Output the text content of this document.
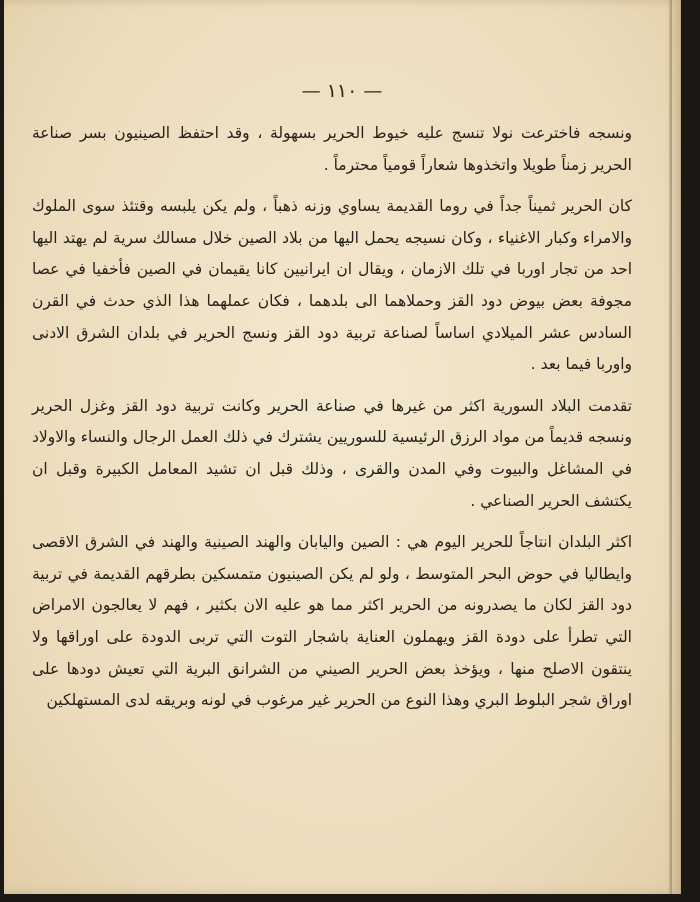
— ١١٠ —

ونسجه فاخترعت نولا تنسج عليه خيوط الحرير بسهولة ، وقد احتفظ الصينيون بسر صناعة الحرير زمناً طويلا واتخذوها شعاراً قومياً محترماً .

كان الحرير ثميناً جداً في روما القديمة يساوي وزنه ذهباً ، ولم يكن يلبسه وقتئذ سوى الملوك والامراء وكبار الاغنياء ، وكان نسيجه يحمل اليها من بلاد الصين خلال مسالك سرية لم يهتد اليها احد من تجار اوربا في تلك الازمان ، ويقال ان ايرانيين كانا يقيمان في الصين فأخفيا في عصا مجوفة بعض بيوض دود القز وحملاهما الى بلدهما ، فكان عملهما هذا الذي حدث في القرن السادس عشر الميلادي اساساً لصناعة تربية دود القز ونسج الحرير في بلدان الشرق الادنى واوربا فيما بعد .

تقدمت البلاد السورية اكثر من غيرها في صناعة الحرير وكانت تربية دود القز وغزل الحرير ونسجه قديماً من مواد الرزق الرئيسية للسوريين يشترك في ذلك العمل الرجال والنساء والاولاد في المشاغل والبيوت وفي المدن والقرى ، وذلك قبل ان تشيد المعامل الكبيرة وقبل ان يكتشف الحرير الصناعي .

اكثر البلدان انتاجاً للحرير اليوم هي : الصين واليابان والهند الصينية والهند في الشرق الاقصى وايطاليا في حوض البحر المتوسط ، ولو لم يكن الصينيون متمسكين بطرقهم القديمة في تربية دود القز لكان ما يصدرونه من الحرير اكثر مما هو عليه الان بكثير ، فهم لا يعالجون الامراض التي تطرأ على دودة القز ويهملون العناية باشجار التوت التي تربى الدودة على اوراقها ولا ينتقون الاصلح منها ، ويؤخذ بعض الحرير الصيني من الشرانق البرية التي تعيش دودها على اوراق شجر البلوط البري وهذا النوع من الحرير غير مرغوب في لونه وبريقه لدى المستهلكين
